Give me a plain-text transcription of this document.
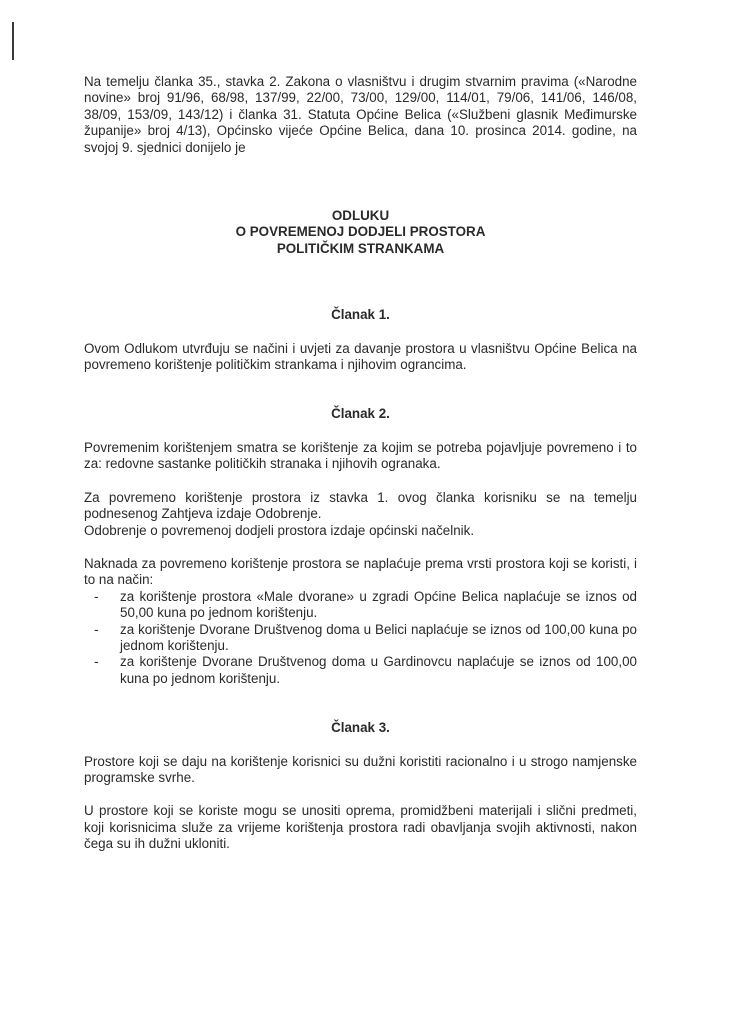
Na temelju članka 35., stavka 2. Zakona o vlasništvu i drugim stvarnim pravima («Narodne novine» broj 91/96, 68/98, 137/99, 22/00, 73/00, 129/00, 114/01, 79/06, 141/06, 146/08, 38/09, 153/09, 143/12) i članka 31. Statuta Općine Belica («Službeni glasnik Međimurske županije» broj 4/13), Općinsko vijeće Općine Belica, dana 10. prosinca 2014. godine, na svojoj 9. sjednici donijelo je

ODLUKU
O POVREMENOJ DODJELI PROSTORA
POLITIČKIM STRANKAMA
Članak 1.

Ovom Odlukom utvrđuju se načini i uvjeti za davanje prostora u vlasništvu Općine Belica na povremeno korištenje političkim strankama i njihovim ograncima.

Članak 2.

Povremenim korištenjem smatra se korištenje za kojim se potreba pojavljuje povremeno i to za: redovne sastanke političkih stranaka i njihovih ogranaka.

Za povremeno korištenje prostora iz stavka 1. ovog članka korisniku se na temelju podnesenog Zahtjeva izdaje Odobrenje.

Odobrenje o povremenoj dodjeli prostora izdaje općinski načelnik.

Naknada za povremeno korištenje prostora se naplaćuje prema vrsti prostora koji se koristi, i to na način:

- za korištenje prostora «Male dvorane» u zgradi Općine Belica naplaćuje se iznos od 50,00 kuna po jednom korištenju.
- za korištenje Dvorane Društvenog doma u Belici naplaćuje se iznos od 100,00 kuna po jednom korištenju.
- za korištenje Dvorane Društvenog doma u Gardinovcu naplaćuje se iznos od 100,00 kuna po jednom korištenju.
Članak 3.

Prostore koji se daju na korištenje korisnici su dužni koristiti racionalno i u strogo namjenske programske svrhe.

U prostore koji se koriste mogu se unositi oprema, promidžbeni materijali i slični predmeti, koji korisnicima služe za vrijeme korištenja prostora radi obavljanja svojih aktivnosti, nakon čega su ih dužni ukloniti.
